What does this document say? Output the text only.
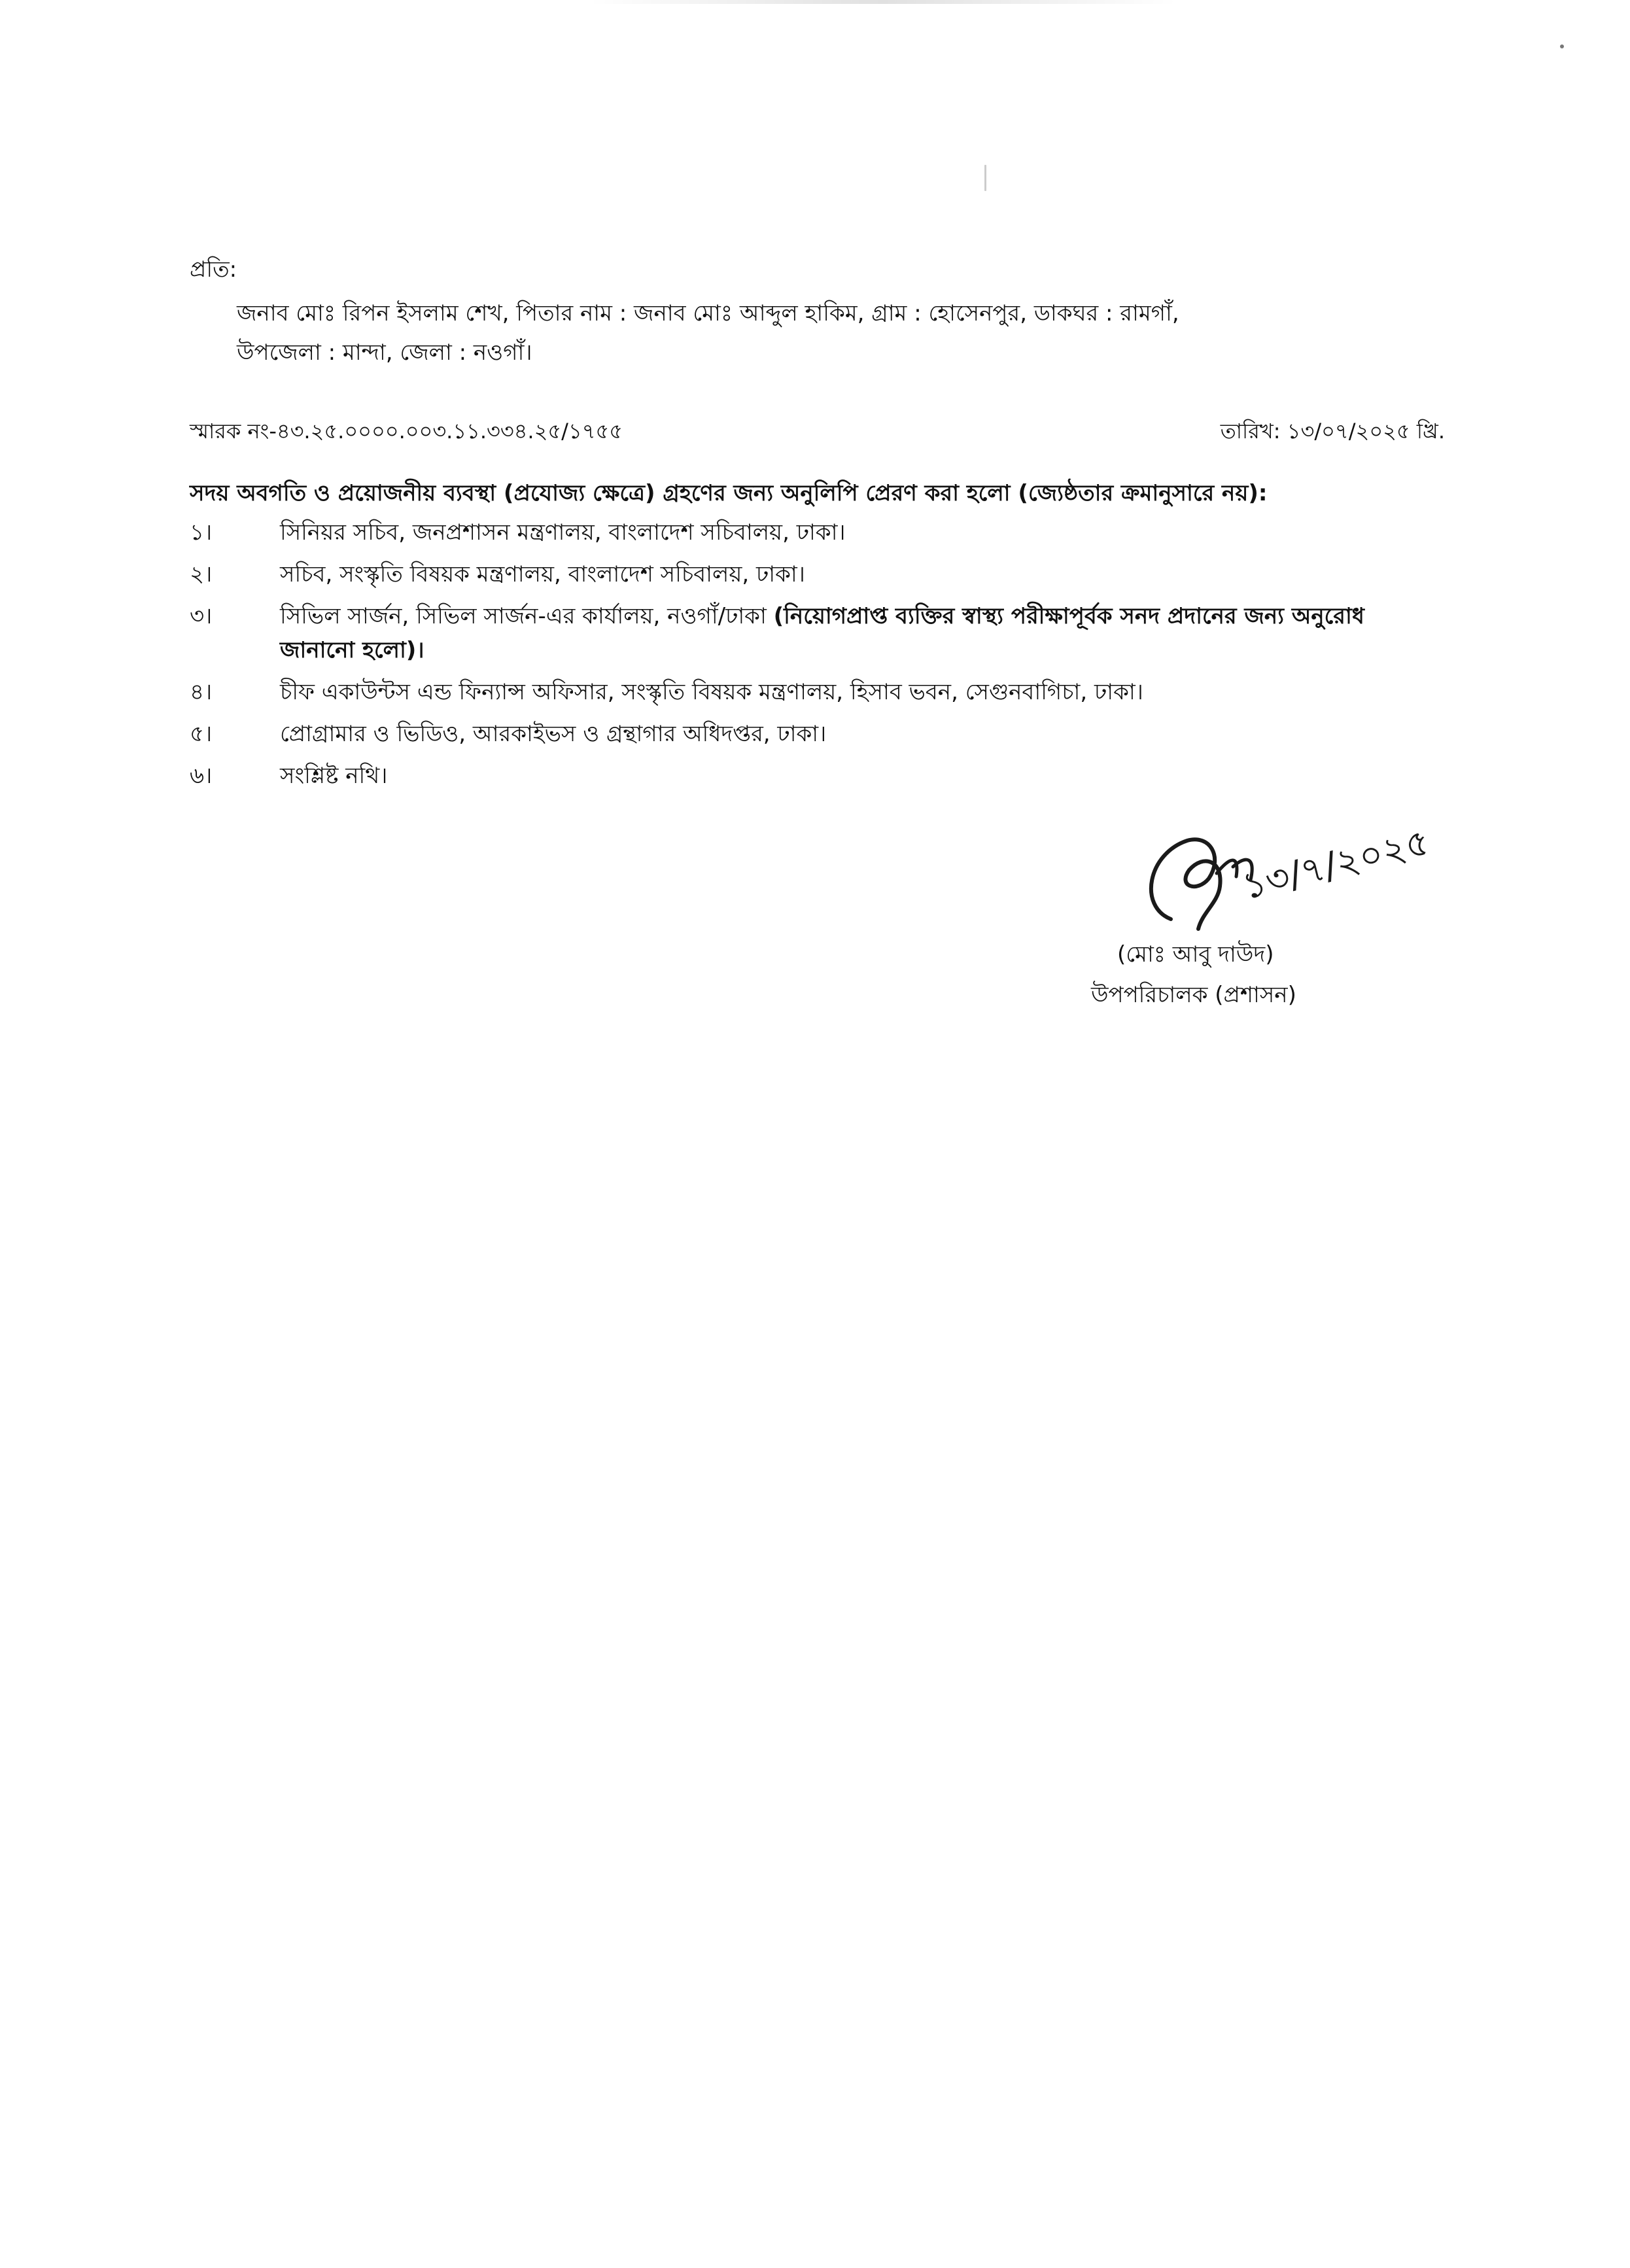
প্রতি:
জনাব মোঃ রিপন ইসলাম শেখ, পিতার নাম : জনাব মোঃ আব্দুল হাকিম, গ্রাম : হোসেনপুর, ডাকঘর : রামগাঁ,
উপজেলা : মান্দা, জেলা : নওগাঁ।
স্মারক নং-৪৩.২৫.০০০০.০০৩.১১.৩৩৪.২৫/১৭৫৫	তারিখ: ১৩/০৭/২০২৫ খ্রি.
সদয় অবগতি ও প্রয়োজনীয় ব্যবস্থা (প্রযোজ্য ক্ষেত্রে) গ্রহণের জন্য অনুলিপি প্রেরণ করা হলো (জ্যেষ্ঠতার ক্রমানুসারে নয়):
১।	সিনিয়র সচিব, জনপ্রশাসন মন্ত্রণালয়, বাংলাদেশ সচিবালয়, ঢাকা।
২।	সচিব, সংস্কৃতি বিষয়ক মন্ত্রণালয়, বাংলাদেশ সচিবালয়, ঢাকা।
৩।	সিভিল সার্জন, সিভিল সার্জন-এর কার্যালয়, নওগাঁ/ঢাকা (নিয়োগপ্রাপ্ত ব্যক্তির স্বাস্থ্য পরীক্ষাপূর্বক সনদ প্রদানের জন্য অনুরোধ জানানো হলো)।
৪।	চীফ একাউন্টস এন্ড ফিন্যান্স অফিসার, সংস্কৃতি বিষয়ক মন্ত্রণালয়, হিসাব ভবন, সেগুনবাগিচা, ঢাকা।
৫।	প্রোগ্রামার ও ভিডিও, আরকাইভস ও গ্রন্থাগার অধিদপ্তর, ঢাকা।
৬।	সংশ্লিষ্ট নথি।
১৩/৭/২০২৫
(মোঃ আবু দাউদ)
উপপরিচালক (প্রশাসন)
